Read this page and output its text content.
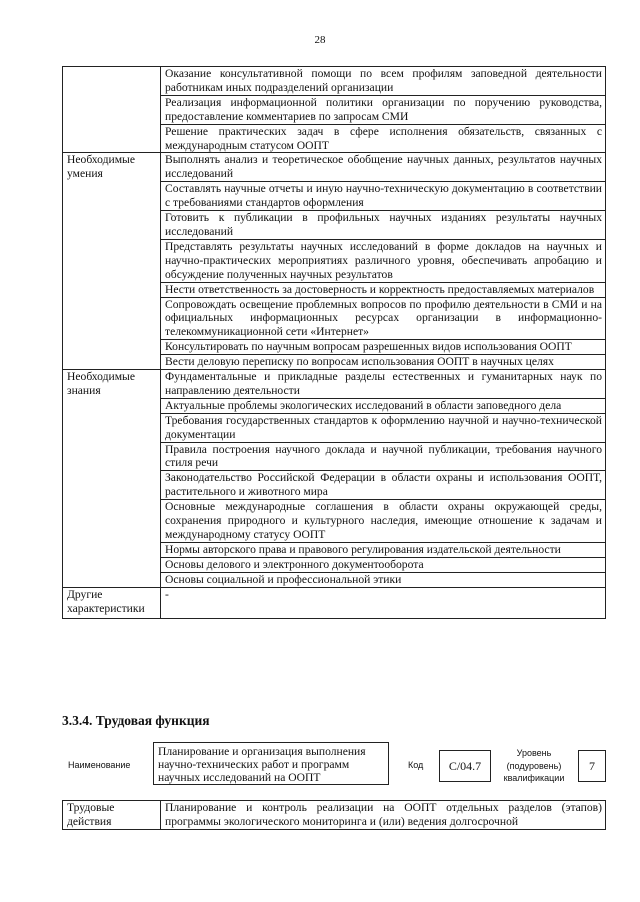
28
	Оказание консультативной помощи по всем профилям заповедной деятельности работникам иных подразделений организации
	Реализация информационной политики организации по поручению руководства, предоставление комментариев по запросам СМИ
	Решение практических задач в сфере исполнения обязательств, связанных с международным статусом ООПТ
Необходимые умения	Выполнять анализ и теоретическое обобщение научных данных, результатов научных исследований
	Составлять научные отчеты и иную научно-техническую документацию в соответствии с требованиями стандартов оформления
	Готовить к публикации в профильных научных изданиях результаты научных исследований
	Представлять результаты научных исследований в форме докладов на научных и научно-практических мероприятиях различного уровня, обеспечивать апробацию и обсуждение полученных научных результатов
	Нести ответственность за достоверность и корректность предоставляемых материалов
	Сопровождать освещение проблемных вопросов по профилю деятельности в СМИ и на официальных информационных ресурсах организации в информационно-телекоммуникационной сети «Интернет»
	Консультировать по научным вопросам разрешенных видов использования ООПТ
	Вести деловую переписку по вопросам использования ООПТ в научных целях
Необходимые знания	Фундаментальные и прикладные разделы естественных и гуманитарных наук по направлению деятельности
	Актуальные проблемы экологических исследований в области заповедного дела
	Требования государственных стандартов к оформлению научной и научно-технической документации
	Правила построения научного доклада и научной публикации, требования научного стиля речи
	Законодательство Российской Федерации в области охраны и использования ООПТ, растительного и животного мира
	Основные международные соглашения в области охраны окружающей среды, сохранения природного и культурного наследия, имеющие отношение к задачам и международному статусу ООПТ
	Нормы авторского права и правового регулирования издательской деятельности
	Основы делового и электронного документооборота
	Основы социальной и профессиональной этики
Другие характеристики	-
3.3.4. Трудовая функция
Наименование
Планирование и организация выполнения научно-технических работ и программ научных исследований на ООПТ
Код	C/04.7
Уровень (подуровень) квалификации
7
Трудовые действия	Планирование и контроль реализации на ООПТ отдельных разделов (этапов) программы экологического мониторинга и (или) ведения долгосрочной
